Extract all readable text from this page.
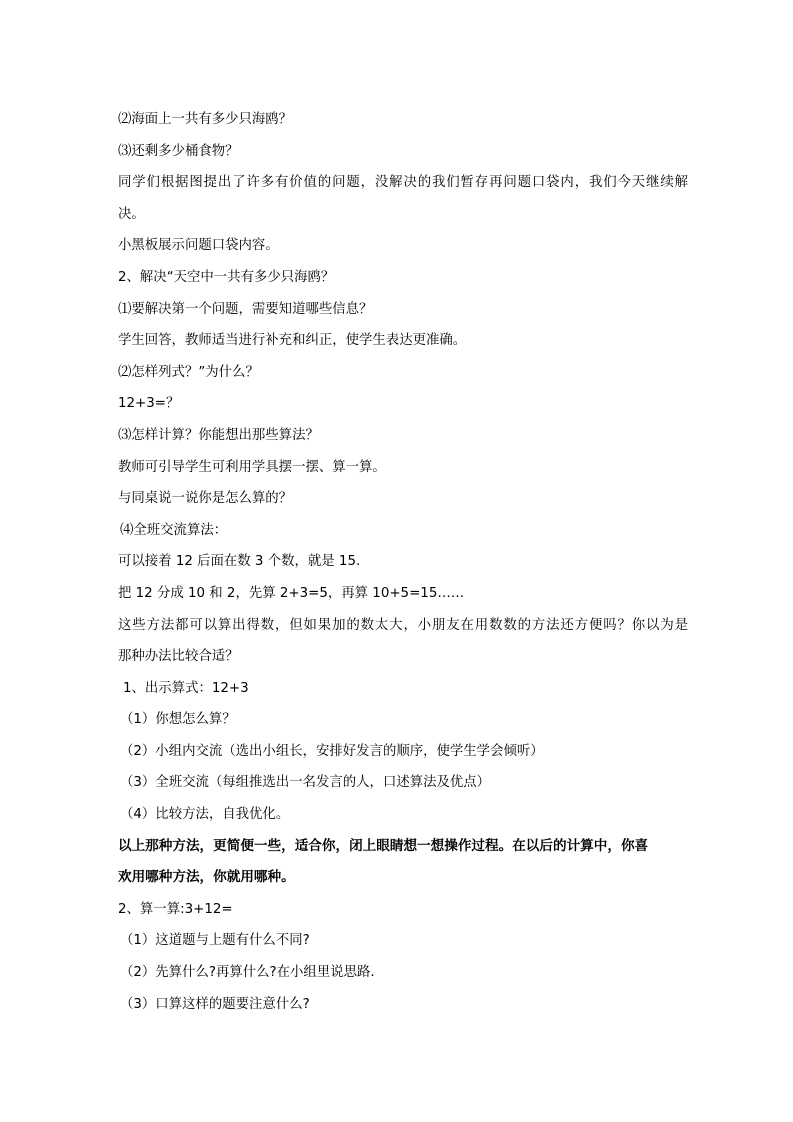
⑵海面上一共有多少只海鸥？
⑶还剩多少桶食物？
同学们根据图提出了许多有价值的问题，没解决的我们暂存再问题口袋内，我们今天继续解
决。
小黑板展示问题口袋内容。
2、解决“天空中一共有多少只海鸥？
⑴要解决第一个问题，需要知道哪些信息？
学生回答，教师适当进行补充和纠正，使学生表达更准确。
⑵怎样列式？”为什么？
12+3=？
⑶怎样计算？你能想出那些算法？
教师可引导学生可利用学具摆一摆、算一算。
与同桌说一说你是怎么算的？
⑷全班交流算法：
可以接着 12 后面在数 3 个数，就是 15.
把 12 分成 10 和 2，先算 2+3=5，再算 10+5=15……
这些方法都可以算出得数，但如果加的数太大，小朋友在用数数的方法还方便吗？你以为是
那种办法比较合适？
1、出示算式：12+3
（1）你想怎么算？
（2）小组内交流（选出小组长，安排好发言的顺序，使学生学会倾听）
（3）全班交流（每组推选出一名发言的人，口述算法及优点）
（4）比较方法，自我优化。
以上那种方法，更简便一些，适合你，闭上眼睛想一想操作过程。在以后的计算中，你喜
欢用哪种方法，你就用哪种。
2、算一算:3+12=
（1）这道题与上题有什么不同?
（2）先算什么?再算什么?在小组里说思路.
（3）口算这样的题要注意什么?
